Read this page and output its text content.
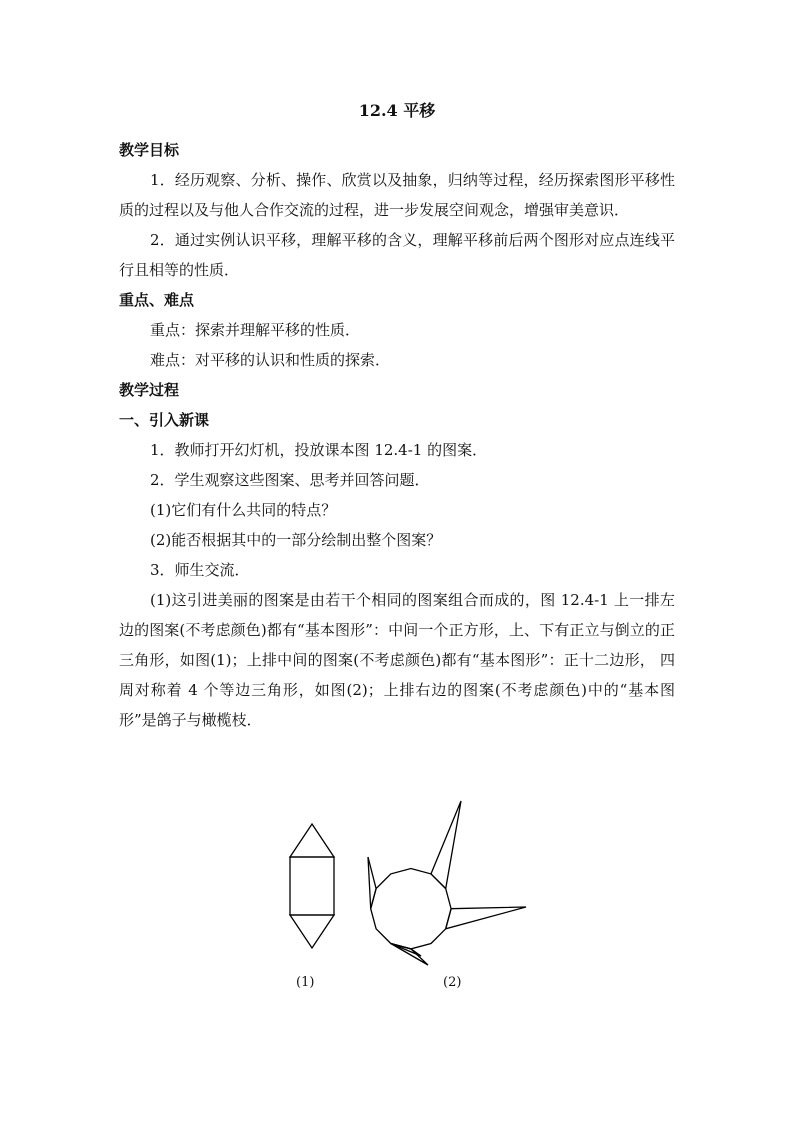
12.4 平移

教学目标

1．经历观察、分析、操作、欣赏以及抽象，归纳等过程，经历探索图形平移性质的过程以及与他人合作交流的过程，进一步发展空间观念，增强审美意识．

2．通过实例认识平移，理解平移的含义，理解平移前后两个图形对应点连线平行且相等的性质．

重点、难点

重点：探索并理解平移的性质．

难点：对平移的认识和性质的探索．

教学过程

一、引入新课

1．教师打开幻灯机，投放课本图 12.4-1 的图案．

2．学生观察这些图案、思考并回答问题．

(1)它们有什么共同的特点？

(2)能否根据其中的一部分绘制出整个图案？

3．师生交流．

(1)这引进美丽的图案是由若干个相同的图案组合而成的，图 12.4-1 上一排左边的图案(不考虑颜色)都有“基本图形”：中间一个正方形，上、下有正立与倒立的正三角形，如图(1)；上排中间的图案(不考虑颜色)都有“基本图形”：正十二边形， 四周对称着 4 个等边三角形，如图(2)；上排右边的图案(不考虑颜色)中的“基本图形”是鸽子与橄榄枝．

(1)	(2)
